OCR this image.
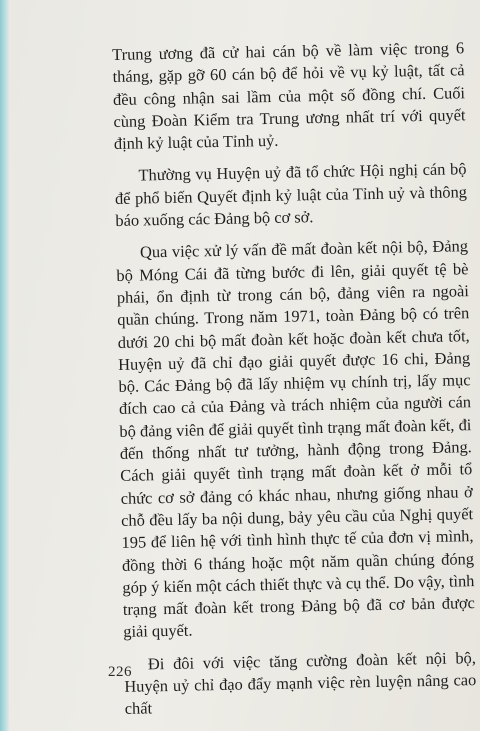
Trung ương đã cử hai cán bộ về làm việc trong 6 tháng, gặp gỡ 60 cán bộ để hỏi về vụ kỷ luật, tất cả đều công nhận sai lầm của một số đồng chí. Cuối cùng Đoàn Kiểm tra Trung ương nhất trí với quyết định kỷ luật của Tỉnh uỷ.

Thường vụ Huyện uỷ đã tổ chức Hội nghị cán bộ để phổ biến Quyết định kỷ luật của Tỉnh uỷ và thông báo xuống các Đảng bộ cơ sở.

Qua việc xử lý vấn đề mất đoàn kết nội bộ, Đảng bộ Móng Cái đã từng bước đi lên, giải quyết tệ bè phái, ổn định từ trong cán bộ, đảng viên ra ngoài quần chúng. Trong năm 1971, toàn Đảng bộ có trên dưới 20 chi bộ mất đoàn kết hoặc đoàn kết chưa tốt, Huyện uỷ đã chỉ đạo giải quyết được 16 chi, Đảng bộ. Các Đảng bộ đã lấy nhiệm vụ chính trị, lấy mục đích cao cả của Đảng và trách nhiệm của người cán bộ đảng viên để giải quyết tình trạng mất đoàn kết, đi đến thống nhất tư tưởng, hành động trong Đảng. Cách giải quyết tình trạng mất đoàn kết ở mỗi tổ chức cơ sở đảng có khác nhau, nhưng giống nhau ở chỗ đều lấy ba nội dung, bảy yêu cầu của Nghị quyết 195 để liên hệ với tình hình thực tế của đơn vị mình, đồng thời 6 tháng hoặc một năm quần chúng đóng góp ý kiến một cách thiết thực và cụ thể. Do vậy, tình trạng mất đoàn kết trong Đảng bộ đã cơ bản được giải quyết.

Đi đôi với việc tăng cường đoàn kết nội bộ, Huyện uỷ chỉ đạo đẩy mạnh việc rèn luyện nâng cao chất

226
